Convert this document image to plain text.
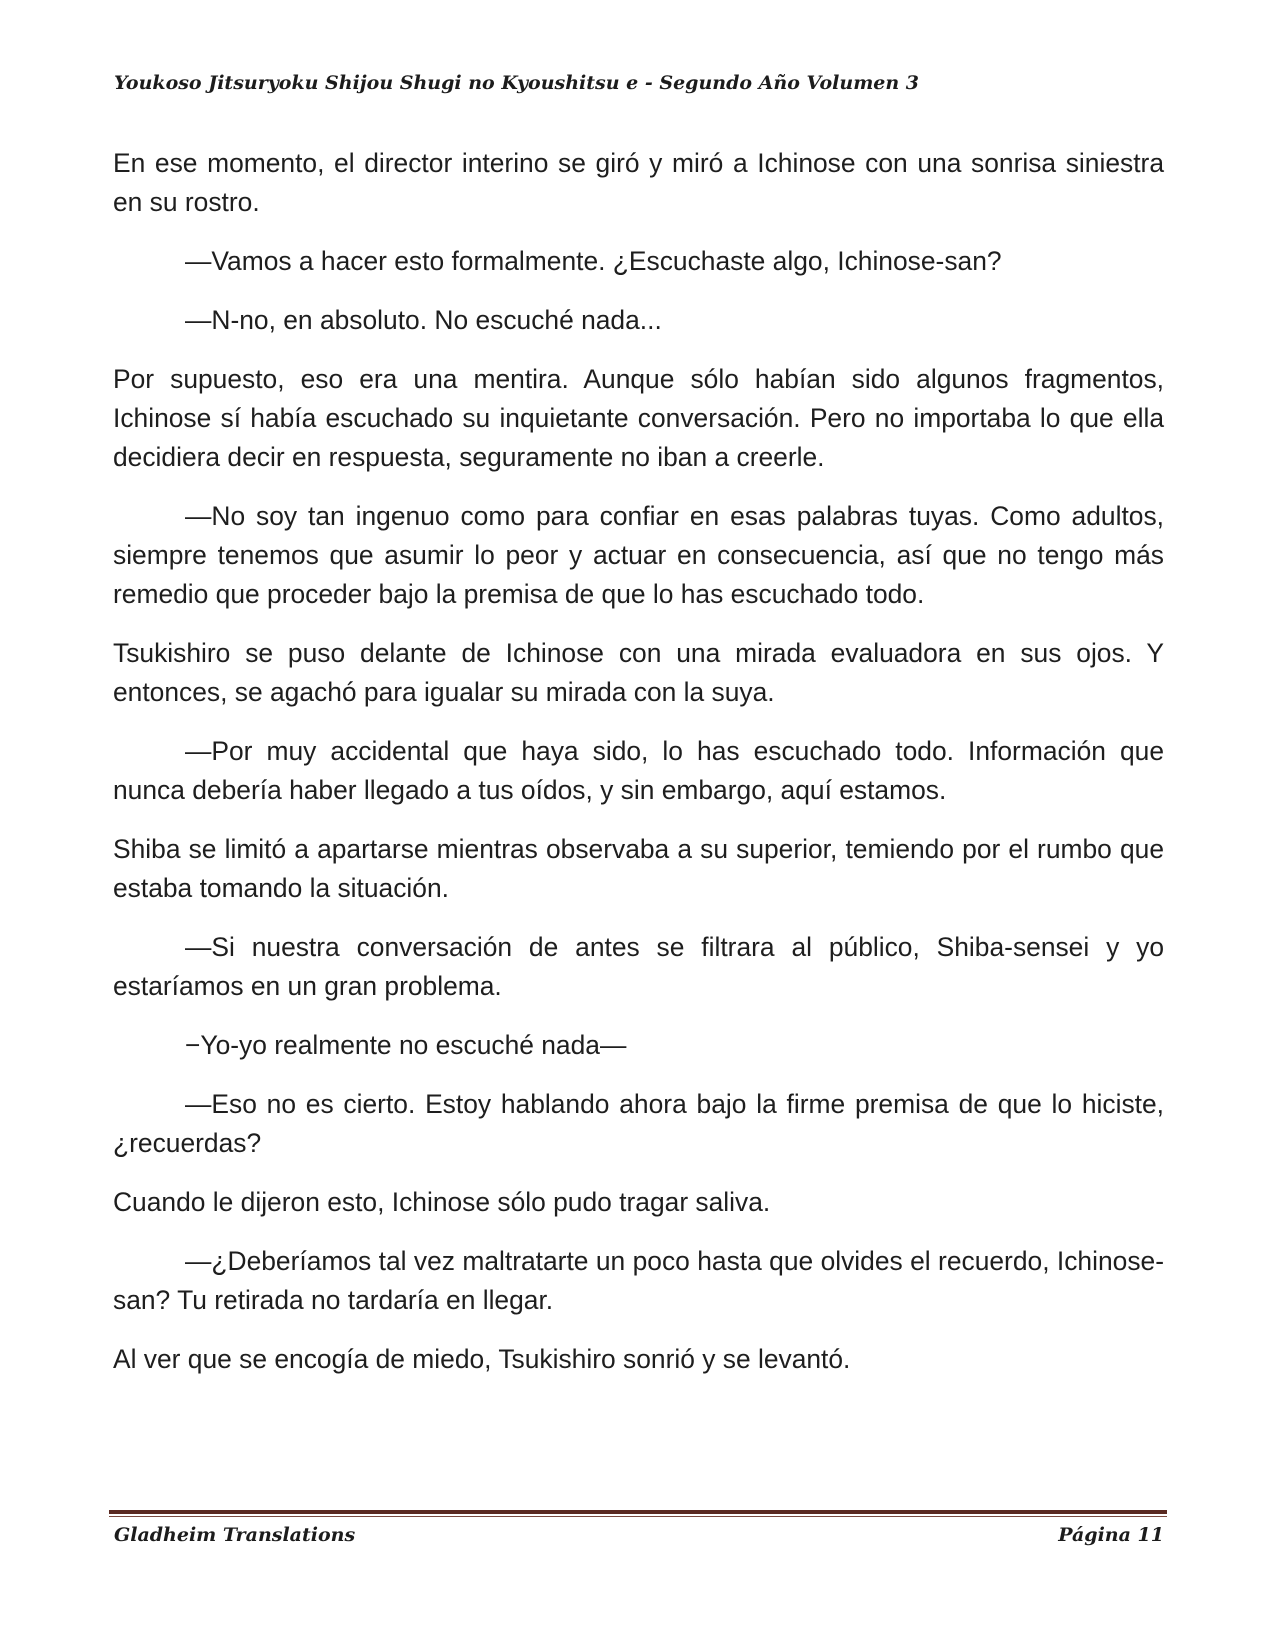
Youkoso Jitsuryoku Shijou Shugi no Kyoushitsu e - Segundo Año Volumen 3

En ese momento, el director interino se giró y miró a Ichinose con una sonrisa siniestra en su rostro.

—Vamos a hacer esto formalmente. ¿Escuchaste algo, Ichinose-san?

—N-no, en absoluto. No escuché nada...

Por supuesto, eso era una mentira. Aunque sólo habían sido algunos fragmentos, Ichinose sí había escuchado su inquietante conversación. Pero no importaba lo que ella decidiera decir en respuesta, seguramente no iban a creerle.

—No soy tan ingenuo como para confiar en esas palabras tuyas. Como adultos, siempre tenemos que asumir lo peor y actuar en consecuencia, así que no tengo más remedio que proceder bajo la premisa de que lo has escuchado todo.

Tsukishiro se puso delante de Ichinose con una mirada evaluadora en sus ojos. Y entonces, se agachó para igualar su mirada con la suya.

—Por muy accidental que haya sido, lo has escuchado todo. Información que nunca debería haber llegado a tus oídos, y sin embargo, aquí estamos.

Shiba se limitó a apartarse mientras observaba a su superior, temiendo por el rumbo que estaba tomando la situación.

—Si nuestra conversación de antes se filtrara al público, Shiba-sensei y yo estaríamos en un gran problema.

−Yo-yo realmente no escuché nada—

—Eso no es cierto. Estoy hablando ahora bajo la firme premisa de que lo hiciste, ¿recuerdas?

Cuando le dijeron esto, Ichinose sólo pudo tragar saliva.

—¿Deberíamos tal vez maltratarte un poco hasta que olvides el recuerdo, Ichinose-san? Tu retirada no tardaría en llegar.

Al ver que se encogía de miedo, Tsukishiro sonrió y se levantó.

Gladheim Translations	Página 11
